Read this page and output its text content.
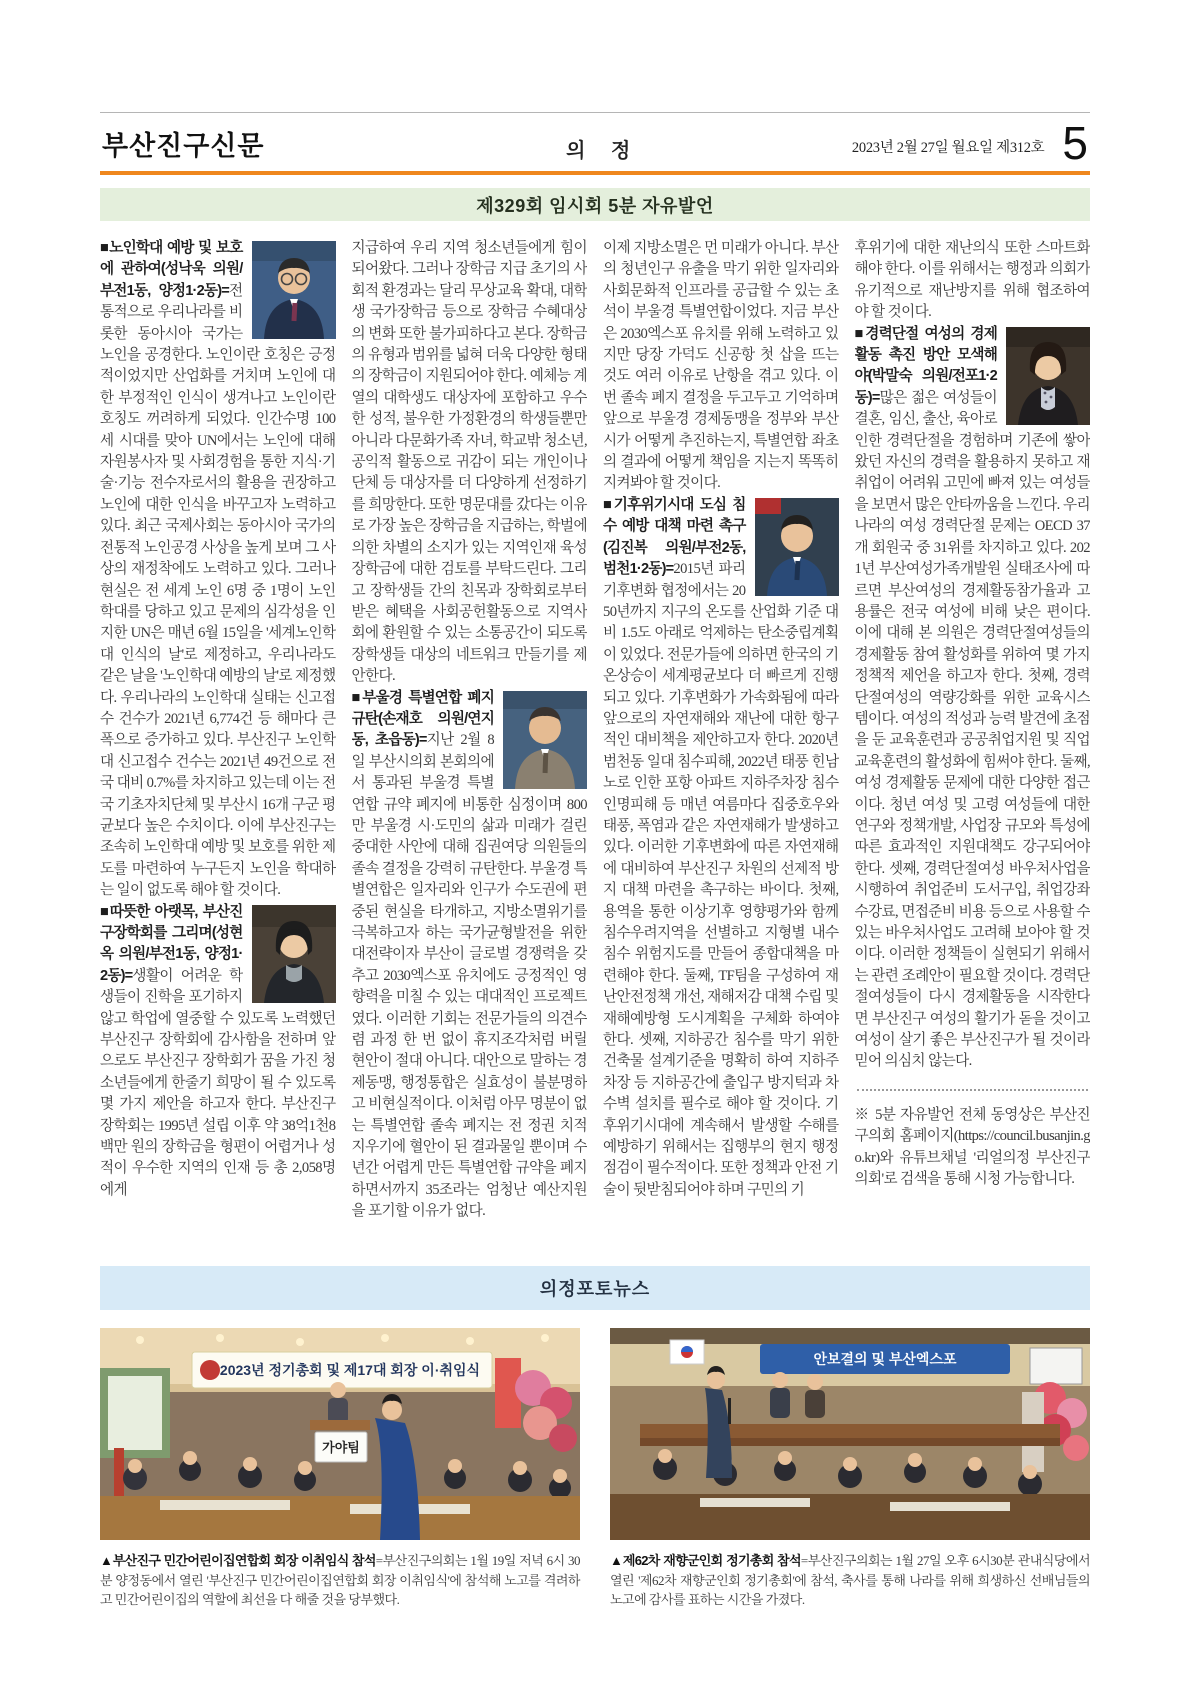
부산진구신문	의 정	2023년 2월 27일 월요일 제312호 5
제329회 임시회 5분 자유발언

■노인학대 예방 및 보호에 관하여(성낙욱 의원/부전1동, 양정1·2동)=전통적으로 우리나라를 비롯한 동아시아 국가는 노인을 공경한다. 노인이란 호칭은 긍정적이었지만 산업화를 거치며 노인에 대한 부정적인 인식이 생겨나고 노인이란 호칭도 꺼려하게 되었다. 인간수명 100세 시대를 맞아 UN에서는 노인에 대해 자원봉사자 및 사회경험을 통한 지식·기술·기능 전수자로서의 활용을 권장하고 노인에 대한 인식을 바꾸고자 노력하고 있다. 최근 국제사회는 동아시아 국가의 전통적 노인공경 사상을 높게 보며 그 사상의 재정착에도 노력하고 있다. 그러나 현실은 전 세계 노인 6명 중 1명이 노인학대를 당하고 있고 문제의 심각성을 인지한 UN은 매년 6월 15일을 '세계노인학대 인식의 날'로 제정하고, 우리나라도 같은 날을 '노인학대 예방의 날'로 제정했다. 우리나라의 노인학대 실태는 신고접수 건수가 2021년 6,774건 등 해마다 큰 폭으로 증가하고 있다. 부산진구 노인학대 신고접수 건수는 2021년 49건으로 전국 대비 0.7%를 차지하고 있는데 이는 전국 기초자치단체 및 부산시 16개 구군 평균보다 높은 수치이다. 이에 부산진구는 조속히 노인학대 예방 및 보호를 위한 제도를 마련하여 누구든지 노인을 학대하는 일이 없도록 해야 할 것이다.

■따뜻한 아랫목, 부산진구장학회를 그리며(성현옥 의원/부전1동, 양정1·2동)=생활이 어려운 학생들이 진학을 포기하지 않고 학업에 열중할 수 있도록 노력했던 부산진구 장학회에 감사함을 전하며 앞으로도 부산진구 장학회가 꿈을 가진 청소년들에게 한줄기 희망이 될 수 있도록 몇 가지 제안을 하고자 한다. 부산진구 장학회는 1995년 설립 이후 약 38억1천8백만 원의 장학금을 형편이 어렵거나 성적이 우수한 지역의 인재 등 총 2,058명에게

지급하여 우리 지역 청소년들에게 힘이 되어왔다. 그러나 장학금 지급 초기의 사회적 환경과는 달리 무상교육 확대, 대학생 국가장학금 등으로 장학금 수혜대상의 변화 또한 불가피하다고 본다. 장학금의 유형과 범위를 넓혀 더욱 다양한 형태의 장학금이 지원되어야 한다. 예체능 계열의 대학생도 대상자에 포함하고 우수한 성적, 불우한 가정환경의 학생들뿐만 아니라 다문화가족 자녀, 학교밖 청소년, 공익적 활동으로 귀감이 되는 개인이나 단체 등 대상자를 더 다양하게 선정하기를 희망한다. 또한 명문대를 갔다는 이유로 가장 높은 장학금을 지급하는, 학벌에 의한 차별의 소지가 있는 지역인재 육성 장학금에 대한 검토를 부탁드린다. 그리고 장학생들 간의 친목과 장학회로부터 받은 혜택을 사회공헌활동으로 지역사회에 환원할 수 있는 소통공간이 되도록 장학생들 대상의 네트워크 만들기를 제안한다.

■부울경 특별연합 폐지 규탄(손재호 의원/연지동, 초읍동)=지난 2월 8일 부산시의회 본회의에서 통과된 부울경 특별연합 규약 폐지에 비통한 심정이며 800만 부울경 시·도민의 삶과 미래가 걸린 중대한 사안에 대해 집권여당 의원들의 졸속 결정을 강력히 규탄한다. 부울경 특별연합은 일자리와 인구가 수도권에 편중된 현실을 타개하고, 지방소멸위기를 극복하고자 하는 국가균형발전을 위한 대전략이자 부산이 글로벌 경쟁력을 갖추고 2030엑스포 유치에도 긍정적인 영향력을 미칠 수 있는 대대적인 프로젝트였다. 이러한 기회는 전문가들의 의견수렴 과정 한 번 없이 휴지조각처럼 버릴 현안이 절대 아니다. 대안으로 말하는 경제동맹, 행정통합은 실효성이 불분명하고 비현실적이다. 이처럼 아무 명분이 없는 특별연합 졸속 폐지는 전 정권 치적 지우기에 혈안이 된 결과물일 뿐이며 수년간 어렵게 만든 특별연합 규약을 폐지하면서까지 35조라는 엄청난 예산지원을 포기할 이유가 없다.

이제 지방소멸은 먼 미래가 아니다. 부산의 청년인구 유출을 막기 위한 일자리와 사회문화적 인프라를 공급할 수 있는 초석이 부울경 특별연합이었다. 지금 부산은 2030엑스포 유치를 위해 노력하고 있지만 당장 가덕도 신공항 첫 삽을 뜨는 것도 여러 이유로 난항을 겪고 있다. 이번 졸속 폐지 결정을 두고두고 기억하며 앞으로 부울경 경제동맹을 정부와 부산시가 어떻게 추진하는지, 특별연합 좌초의 결과에 어떻게 책임을 지는지 똑똑히 지켜봐야 할 것이다.

■기후위기시대 도심 침수 예방 대책 마련 촉구(김진복 의원/부전2동, 범천1·2동)=2015년 파리 기후변화 협정에서는 2050년까지 지구의 온도를 산업화 기준 대비 1.5도 아래로 억제하는 탄소중립계획이 있었다. 전문가들에 의하면 한국의 기온상승이 세계평균보다 더 빠르게 진행되고 있다. 기후변화가 가속화됨에 따라 앞으로의 자연재해와 재난에 대한 항구적인 대비책을 제안하고자 한다. 2020년 범천동 일대 침수피해, 2022년 태풍 힌남노로 인한 포항 아파트 지하주차장 침수 인명피해 등 매년 여름마다 집중호우와 태풍, 폭염과 같은 자연재해가 발생하고 있다. 이러한 기후변화에 따른 자연재해에 대비하여 부산진구 차원의 선제적 방지 대책 마련을 촉구하는 바이다. 첫째, 용역을 통한 이상기후 영향평가와 함께 침수우려지역을 선별하고 지형별 내수침수 위험지도를 만들어 종합대책을 마련해야 한다. 둘째, TF팀을 구성하여 재난안전정책 개선, 재해저감 대책 수립 및 재해예방형 도시계획을 구체화 하여야 한다. 셋째, 지하공간 침수를 막기 위한 건축물 설계기준을 명확히 하여 지하주차장 등 지하공간에 출입구 방지턱과 차수벽 설치를 필수로 해야 할 것이다. 기후위기시대에 계속해서 발생할 수해를 예방하기 위해서는 집행부의 현지 행정 점검이 필수적이다. 또한 정책과 안전 기술이 뒷받침되어야 하며 구민의 기

후위기에 대한 재난의식 또한 스마트화해야 한다. 이를 위해서는 행정과 의회가 유기적으로 재난방지를 위해 협조하여야 할 것이다.

■경력단절 여성의 경제활동 촉진 방안 모색해야(박말숙 의원/전포1·2동)=많은 젊은 여성들이 결혼, 임신, 출산, 육아로 인한 경력단절을 경험하며 기존에 쌓아왔던 자신의 경력을 활용하지 못하고 재취업이 어려워 고민에 빠져 있는 여성들을 보면서 많은 안타까움을 느낀다. 우리나라의 여성 경력단절 문제는 OECD 37개 회원국 중 31위를 차지하고 있다. 2021년 부산여성가족개발원 실태조사에 따르면 부산여성의 경제활동참가율과 고용률은 전국 여성에 비해 낮은 편이다. 이에 대해 본 의원은 경력단절여성들의 경제활동 참여 활성화를 위하여 몇 가지 정책적 제언을 하고자 한다. 첫째, 경력단절여성의 역량강화를 위한 교육시스템이다. 여성의 적성과 능력 발견에 초점을 둔 교육훈련과 공공취업지원 및 직업교육훈련의 활성화에 힘써야 한다. 둘째, 여성 경제활동 문제에 대한 다양한 접근이다. 청년 여성 및 고령 여성들에 대한 연구와 정책개발, 사업장 규모와 특성에 따른 효과적인 지원대책도 강구되어야 한다. 셋째, 경력단절여성 바우처사업을 시행하여 취업준비 도서구입, 취업강좌 수강료, 면접준비 비용 등으로 사용할 수 있는 바우처사업도 고려해 보아야 할 것이다. 이러한 정책들이 실현되기 위해서는 관련 조례안이 필요할 것이다. 경력단절여성들이 다시 경제활동을 시작한다면 부산진구 여성의 활기가 돋을 것이고 여성이 살기 좋은 부산진구가 될 것이라 믿어 의심치 않는다.

※ 5분 자유발언 전체 동영상은 부산진구의회 홈페이지(https://council.busanjin.go.kr)와 유튜브채널 '리얼의정 부산진구의회'로 검색을 통해 시청 가능합니다.

의정포토뉴스
2023년 정기총회 및 제17대 회장 이·취임식
가야팀

▲부산진구 민간어린이집연합회 회장 이취임식 참석=부산진구의회는 1월 19일 저녁 6시 30분 양정동에서 열린 '부산진구 민간어린이집연합회 회장 이취임식'에 참석해 노고를 격려하고 민간어린이집의 역할에 최선을 다 해줄 것을 당부했다.

안보결의 및 부산엑스포

▲제62차 재향군인회 정기총회 참석=부산진구의회는 1월 27일 오후 6시30분 관내식당에서 열린 '제62차 재향군인회 정기총회'에 참석, 축사를 통해 나라를 위해 희생하신 선배님들의 노고에 감사를 표하는 시간을 가졌다.
